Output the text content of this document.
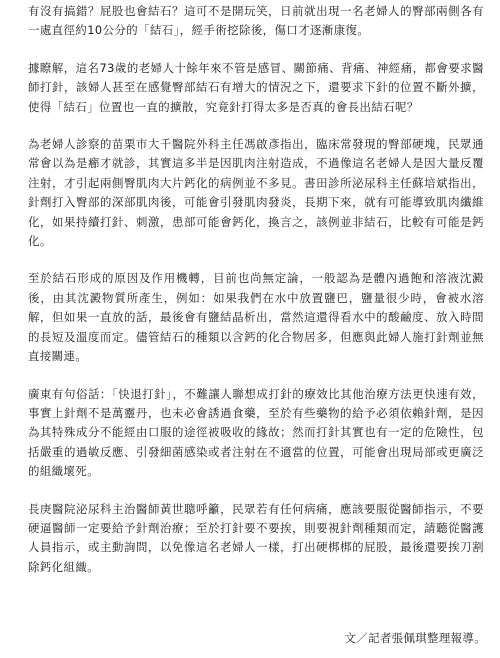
有沒有搞錯？屁股也會結石？這可不是開玩笑，日前就出現一名老婦人的臀部兩側各有一處直徑約10公分的「結石」，經手術挖除後，傷口才逐漸康復。

據瞭解，這名73歲的老婦人十餘年來不管是感冒、關節痛、背痛、神經痛，都會要求醫師打針，該婦人甚至在感覺臀部結石有增大的情況之下，還要求下針的位置不斷外擴，使得「結石」位置也一直的擴散，究竟針打得太多是否真的會長出結石呢？

為老婦人診察的苗栗市大千醫院外科主任馮啟彥指出，臨床常發現的臀部硬塊，民眾通常會以為是癤才就診，其實這多半是因肌肉注射造成，不過像這名老婦人是因大量反覆注射，才引起兩側臀肌肉大片鈣化的病例並不多見。書田診所泌尿科主任蘇培斌指出，針劑打入臀部的深部肌肉後，可能會引發肌肉發炎，長期下來，就有可能導致肌肉纖維化，如果持續打針、刺激，患部可能會鈣化，換言之，該例並非結石，比較有可能是鈣化。

至於結石形成的原因及作用機轉，目前也尚無定論，一般認為是體內過飽和溶液沈澱後，由其沈澱物質所產生，例如：如果我們在水中放置鹽巴，鹽量很少時，會被水溶解，但如果一直放的話，最後會有鹽結晶析出，當然這還得看水中的酸鹼度、放入時間的長短及溫度而定。儘管結石的種類以含鈣的化合物居多，但應與此婦人施打針劑並無直接關連。

廣東有句俗話：「快退打針」，不難讓人聯想成打針的療效比其他治療方法更快速有效，事實上針劑不是萬靈丹，也未必會誘過食藥，至於有些藥物的給予必須依賴針劑，是因為其特殊成分不能經由口服的途徑被吸收的緣故；然而打針其實也有一定的危險性，包括嚴重的過敏反應、引發細菌感染或者注射在不適當的位置，可能會出現局部或更廣泛的組織壞死。

長庚醫院泌尿科主治醫師黃世聰呼籲，民眾若有任何病痛，應該要服從醫師指示，不要硬逼醫師一定要給予針劑治療；至於打針要不要挨，則要視針劑種類而定，請聽從醫護人員指示，或主動詢問，以免像這名老婦人一樣，打出硬梆梆的屁股，最後還要挨刀割除鈣化組織。

文／記者張佩琪整理報導。
